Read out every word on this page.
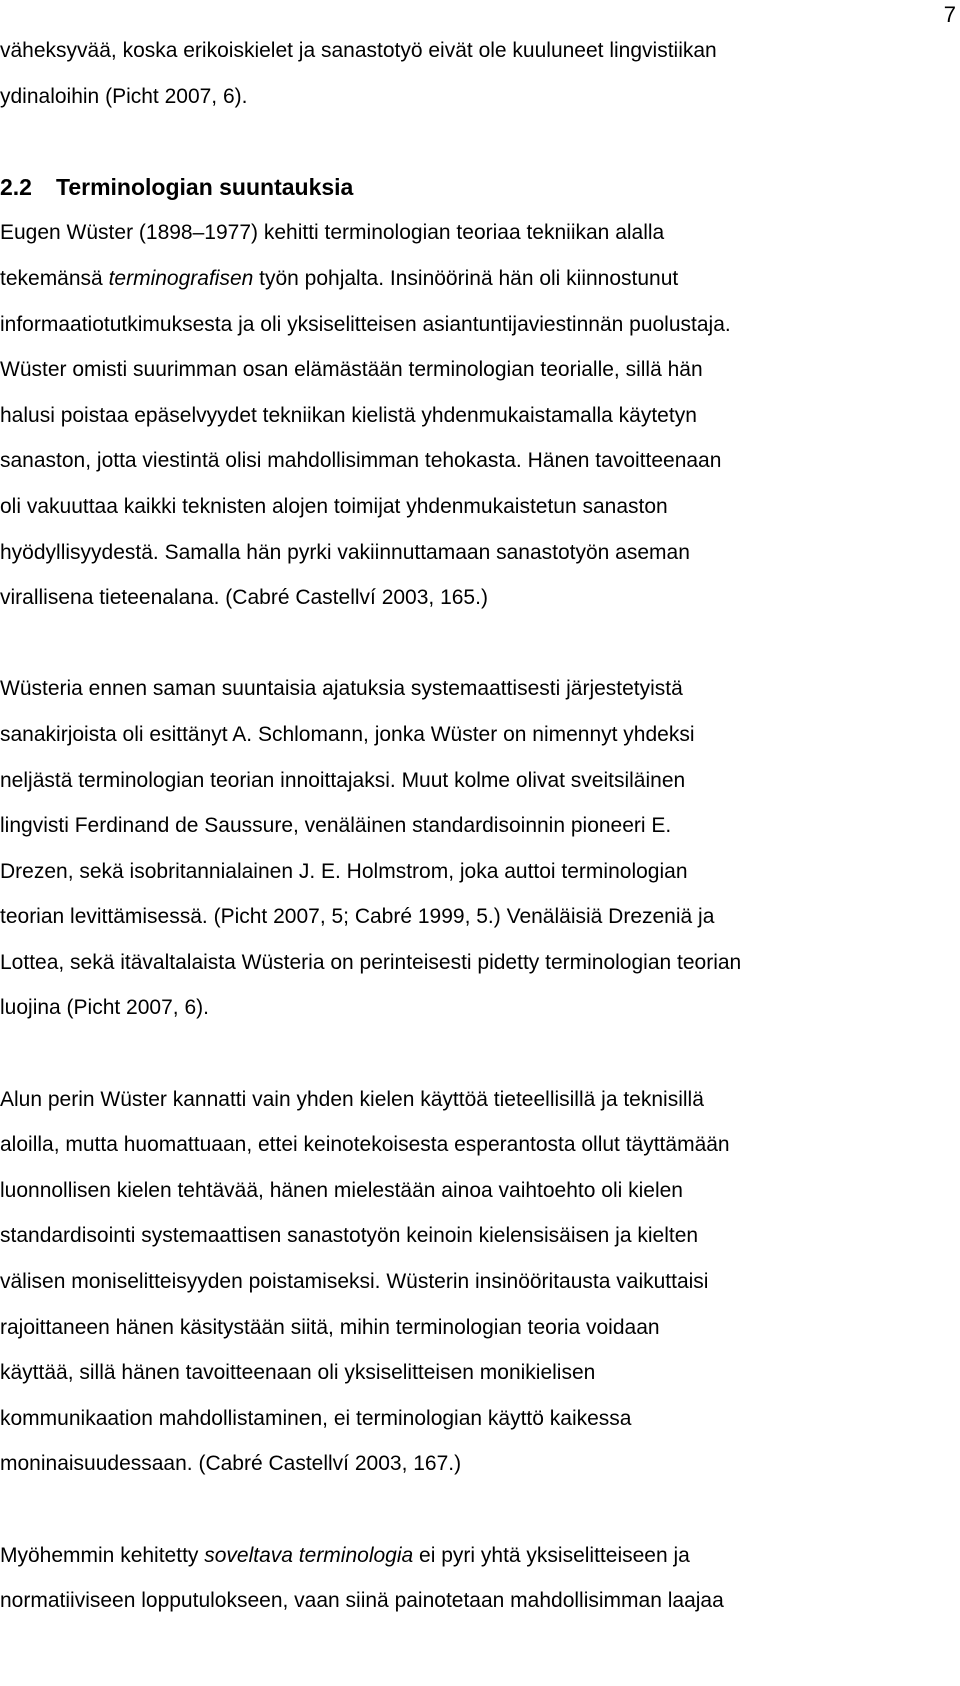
7

väheksyvää, koska erikoiskielet ja sanastotyö eivät ole kuuluneet lingvistiikan

ydinaloihin (Picht 2007, 6).

2.2 Terminologian suuntauksia

Eugen Wüster (1898–1977) kehitti terminologian teoriaa tekniikan alalla

tekemänsä terminografisen työn pohjalta. Insinöörinä hän oli kiinnostunut

informaatiotutkimuksesta ja oli yksiselitteisen asiantuntijaviestinnän puolustaja.

Wüster omisti suurimman osan elämästään terminologian teorialle, sillä hän

halusi poistaa epäselvyydet tekniikan kielistä yhdenmukaistamalla käytetyn

sanaston, jotta viestintä olisi mahdollisimman tehokasta. Hänen tavoitteenaan

oli vakuuttaa kaikki teknisten alojen toimijat yhdenmukaistetun sanaston

hyödyllisyydestä. Samalla hän pyrki vakiinnuttamaan sanastotyön aseman

virallisena tieteenalana. (Cabré Castellví 2003, 165.)

Wüsteria ennen saman suuntaisia ajatuksia systemaattisesti järjestetyistä

sanakirjoista oli esittänyt A. Schlomann, jonka Wüster on nimennyt yhdeksi

neljästä terminologian teorian innoittajaksi. Muut kolme olivat sveitsiläinen

lingvisti Ferdinand de Saussure, venäläinen standardisoinnin pioneeri E.

Drezen, sekä isobritannialainen J. E. Holmstrom, joka auttoi terminologian

teorian levittämisessä. (Picht 2007, 5; Cabré 1999, 5.) Venäläisiä Drezeniä ja

Lottea, sekä itävaltalaista Wüsteria on perinteisesti pidetty terminologian teorian

luojina (Picht 2007, 6).

Alun perin Wüster kannatti vain yhden kielen käyttöä tieteellisillä ja teknisillä

aloilla, mutta huomattuaan, ettei keinotekoisesta esperantosta ollut täyttämään

luonnollisen kielen tehtävää, hänen mielestään ainoa vaihtoehto oli kielen

standardisointi systemaattisen sanastotyön keinoin kielensisäisen ja kielten

välisen moniselitteisyyden poistamiseksi. Wüsterin insinööritausta vaikuttaisi

rajoittaneen hänen käsitystään siitä, mihin terminologian teoria voidaan

käyttää, sillä hänen tavoitteenaan oli yksiselitteisen monikielisen

kommunikaation mahdollistaminen, ei terminologian käyttö kaikessa

moninaisuudessaan. (Cabré Castellví 2003, 167.)

Myöhemmin kehitetty soveltava terminologia ei pyri yhtä yksiselitteiseen ja

normatiiviseen lopputulokseen, vaan siinä painotetaan mahdollisimman laajaa
